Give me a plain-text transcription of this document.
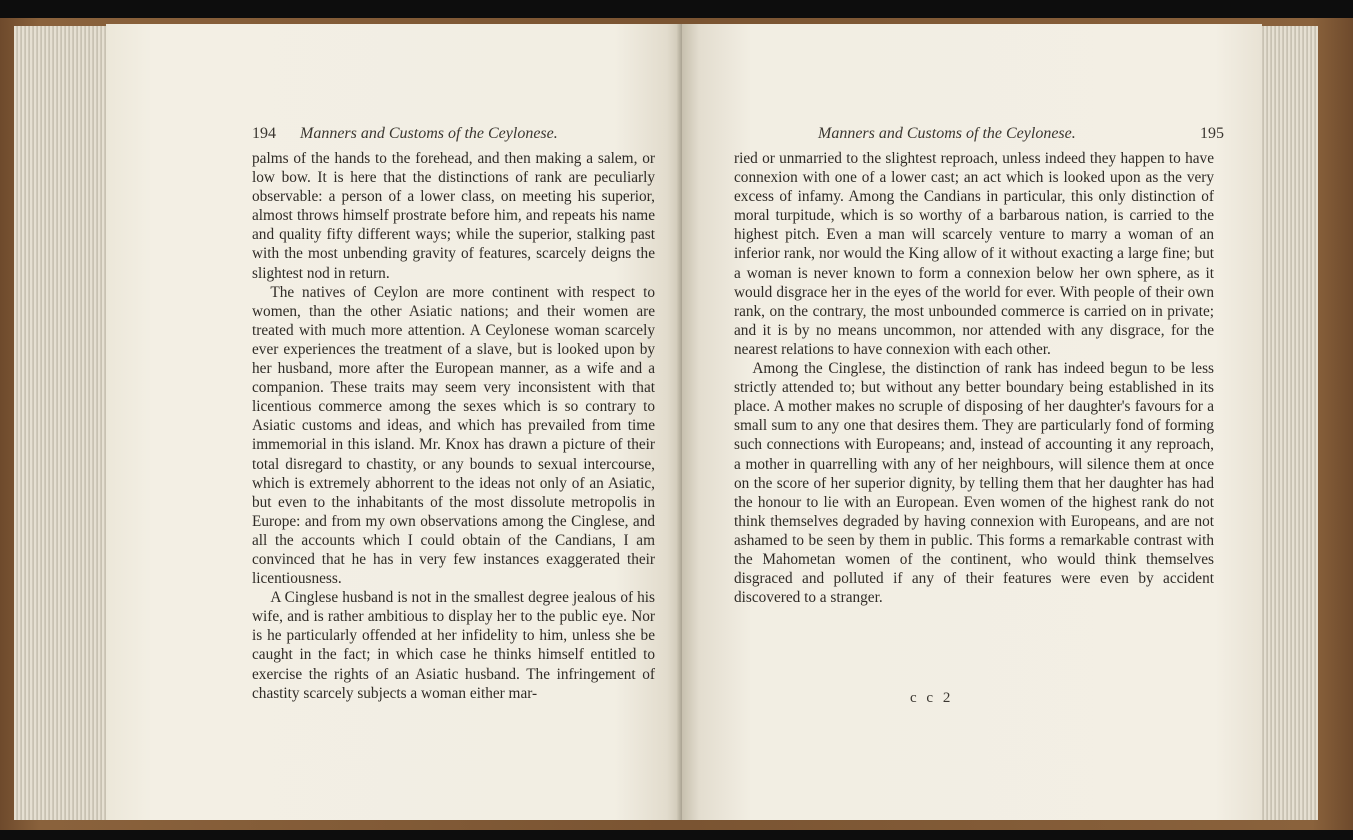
194 Manners and Customs of the Ceylonese.

palms of the hands to the forehead, and then making a salem, or low bow. It is here that the distinctions of rank are peculiarly observable: a person of a lower class, on meeting his superior, almost throws himself prostrate before him, and repeats his name and quality fifty different ways; while the superior, stalking past with the most unbending gravity of features, scarcely deigns the slightest nod in return.

The natives of Ceylon are more continent with respect to women, than the other Asiatic nations; and their women are treated with much more attention. A Ceylonese woman scarcely ever experiences the treatment of a slave, but is looked upon by her husband, more after the European manner, as a wife and a companion. These traits may seem very inconsistent with that licentious commerce among the sexes which is so contrary to Asiatic customs and ideas, and which has prevailed from time immemorial in this island. Mr. Knox has drawn a picture of their total disregard to chastity, or any bounds to sexual intercourse, which is extremely abhorrent to the ideas not only of an Asiatic, but even to the inhabitants of the most dissolute metropolis in Europe: and from my own observations among the Cinglese, and all the accounts which I could obtain of the Candians, I am convinced that he has in very few instances exaggerated their licentiousness.

A Cinglese husband is not in the smallest degree jealous of his wife, and is rather ambitious to display her to the public eye. Nor is he particularly offended at her infidelity to him, unless she be caught in the fact; in which case he thinks himself entitled to exercise the rights of an Asiatic husband. The infringement of chastity scarcely subjects a woman either mar-

Manners and Customs of the Ceylonese.	195

ried or unmarried to the slightest reproach, unless indeed they happen to have connexion with one of a lower cast; an act which is looked upon as the very excess of infamy. Among the Candians in particular, this only distinction of moral turpitude, which is so worthy of a barbarous nation, is carried to the highest pitch. Even a man will scarcely venture to marry a woman of an inferior rank, nor would the King allow of it without exacting a large fine; but a woman is never known to form a connexion below her own sphere, as it would disgrace her in the eyes of the world for ever. With people of their own rank, on the contrary, the most unbounded commerce is carried on in private; and it is by no means uncommon, nor attended with any disgrace, for the nearest relations to have connexion with each other.

Among the Cinglese, the distinction of rank has indeed begun to be less strictly attended to; but without any better boundary being established in its place. A mother makes no scruple of disposing of her daughter's favours for a small sum to any one that desires them. They are particularly fond of forming such connections with Europeans; and, instead of accounting it any reproach, a mother in quarrelling with any of her neighbours, will silence them at once on the score of her superior dignity, by telling them that her daughter has had the honour to lie with an European. Even women of the highest rank do not think themselves degraded by having connexion with Europeans, and are not ashamed to be seen by them in public. This forms a remarkable contrast with the Mahometan women of the continent, who would think themselves disgraced and polluted if any of their features were even by accident discovered to a stranger.

c c 2
